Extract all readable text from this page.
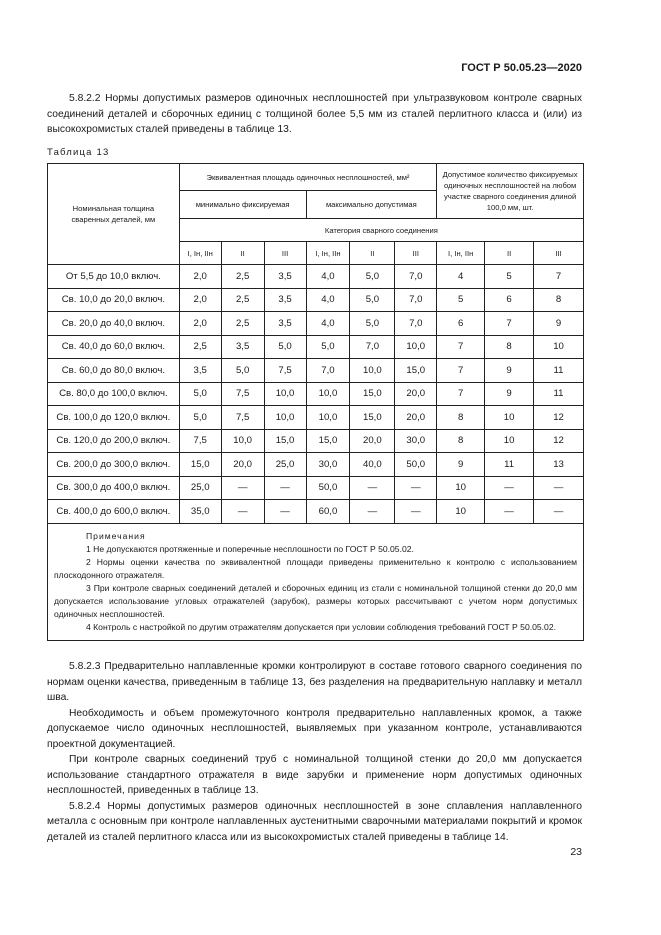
ГОСТ Р 50.05.23—2020

5.8.2.2 Нормы допустимых размеров одиночных несплошностей при ультразвуковом контроле сварных соединений деталей и сборочных единиц с толщиной более 5,5 мм из сталей перлитного класса и (или) из высокохромистых сталей приведены в таблице 13.

Таблица 13
Номинальная толщина сваренных деталей, мм	Эквивалентная площадь одиночных несплошностей, мм²						Допустимое количество фиксируемых одиночных несплошностей на любом участке сварного соединения длиной 100,0 мм, шт.		
	минимально фиксируемая			максимально допустимая					
	Категория сварного соединения								
	I, Iн, IIн	II	III	I, Iн, IIн	II	III	I, Iн, IIн	II	III
От 5,5 до 10,0 включ.	2,0	2,5	3,5	4,0	5,0	7,0	4	5	7
Св. 10,0 до 20,0 включ.	2,0	2,5	3,5	4,0	5,0	7,0	5	6	8
Св. 20,0 до 40,0 включ.	2,0	2,5	3,5	4,0	5,0	7,0	6	7	9
Св. 40,0 до 60,0 включ.	2,5	3,5	5,0	5,0	7,0	10,0	7	8	10
Св. 60,0 до 80,0 включ.	3,5	5,0	7,5	7,0	10,0	15,0	7	9	11
Св. 80,0 до 100,0 включ.	5,0	7,5	10,0	10,0	15,0	20,0	7	9	11
Св. 100,0 до 120,0 включ.	5,0	7,5	10,0	10,0	15,0	20,0	8	10	12
Св. 120,0 до 200,0 включ.	7,5	10,0	15,0	15,0	20,0	30,0	8	10	12
Св. 200,0 до 300,0 включ.	15,0	20,0	25,0	30,0	40,0	50,0	9	11	13
Св. 300,0 до 400,0 включ.	25,0	—	—	50,0	—	—	10	—	—
Св. 400,0 до 600,0 включ.	35,0	—	—	60,0	—	—	10	—	—

Примечания

1 Не допускаются протяженные и поперечные несплошности по ГОСТ Р 50.05.02.

2 Нормы оценки качества по эквивалентной площади приведены применительно к контролю с использованием плоскодонного отражателя.

3 При контроле сварных соединений деталей и сборочных единиц из стали с номинальной толщиной стенки до 20,0 мм допускается использование угловых отражателей (зарубок), размеры которых рассчитывают с учетом норм допустимых одиночных несплошностей.

4 Контроль с настройкой по другим отражателям допускается при условии соблюдения требований ГОСТ Р 50.05.02.									

5.8.2.3 Предварительно наплавленные кромки контролируют в составе готового сварного соединения по нормам оценки качества, приведенным в таблице 13, без разделения на предварительную наплавку и металл шва.

Необходимость и объем промежуточного контроля предварительно наплавленных кромок, а также допускаемое число одиночных несплошностей, выявляемых при указанном контроле, устанавливаются проектной документацией.

При контроле сварных соединений труб с номинальной толщиной стенки до 20,0 мм допускается использование стандартного отражателя в виде зарубки и применение норм допустимых одиночных несплошностей, приведенных в таблице 13.

5.8.2.4 Нормы допустимых размеров одиночных несплошностей в зоне сплавления наплавленного металла с основным при контроле наплавленных аустенитными сварочными материалами покрытий и кромок деталей из сталей перлитного класса или из высокохромистых сталей приведены в таблице 14.

23
